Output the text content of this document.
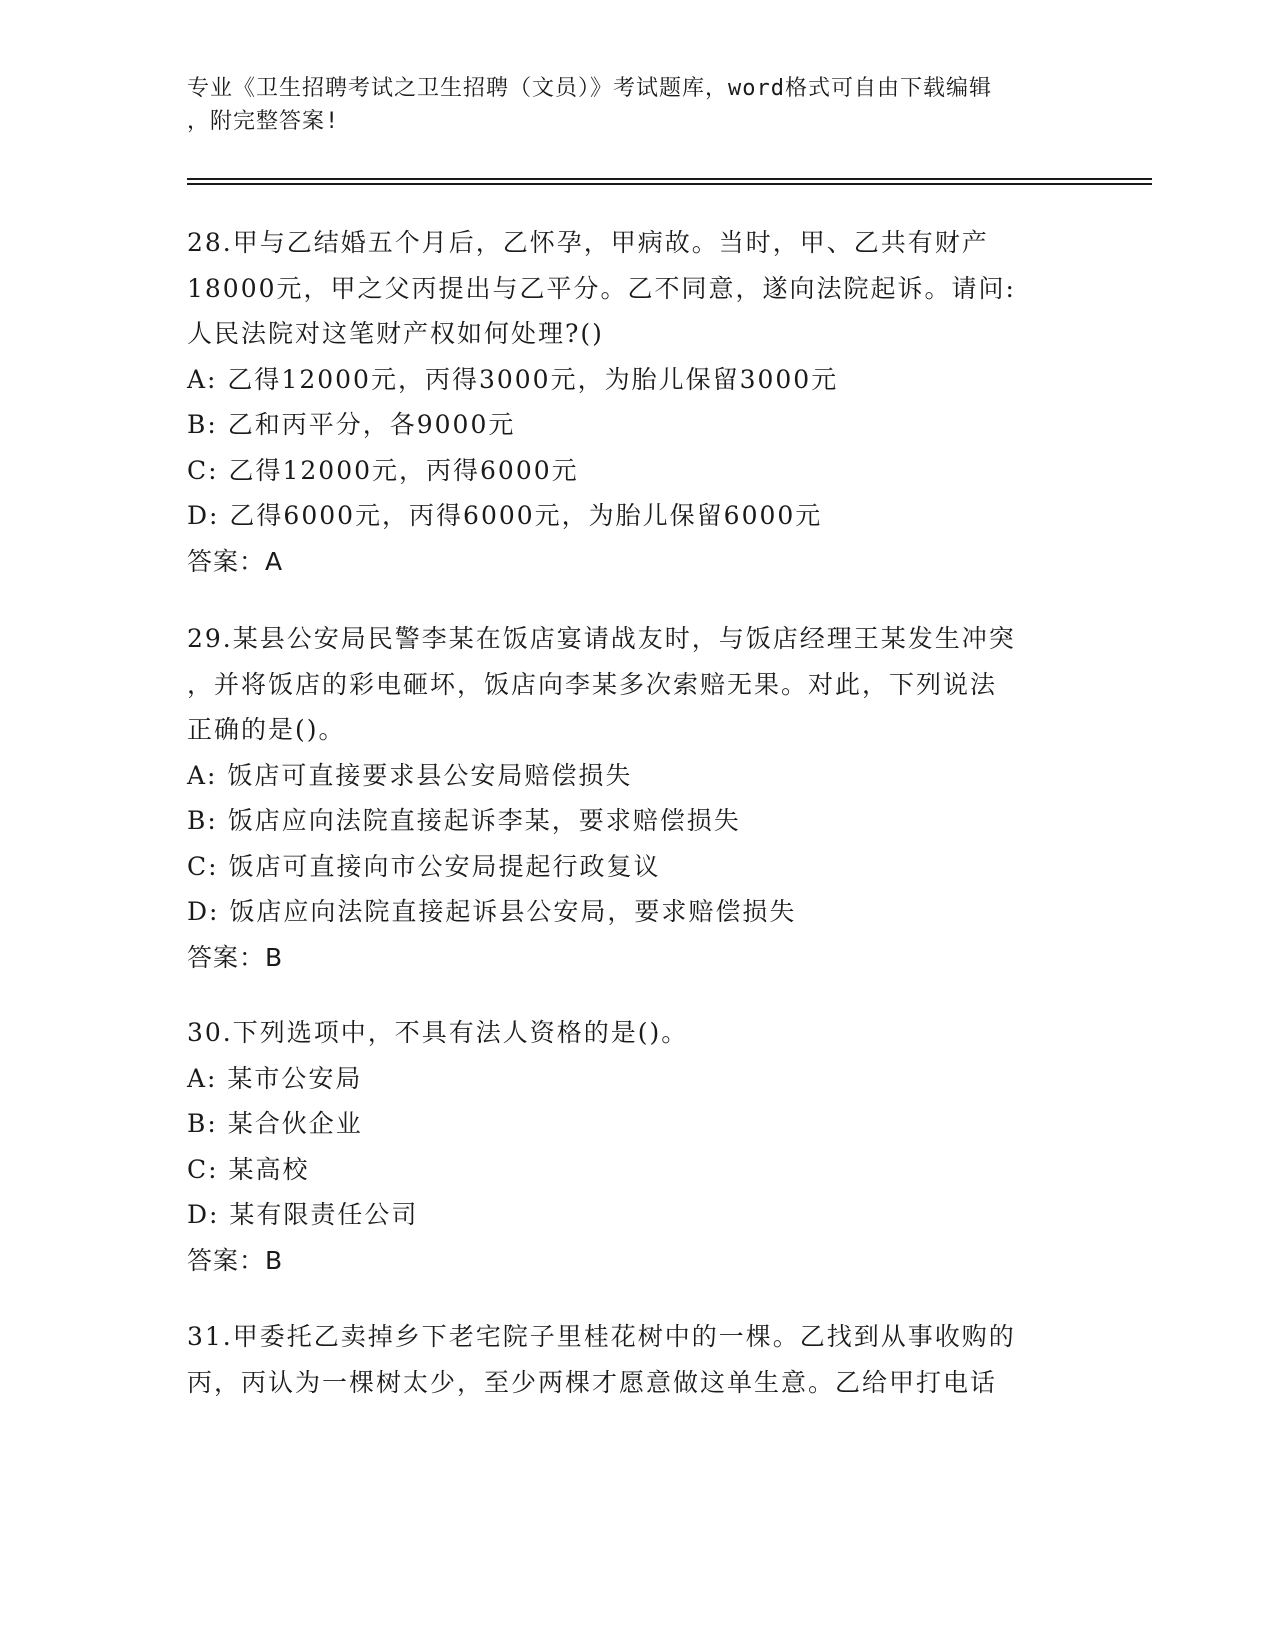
专业《卫生招聘考试之卫生招聘（文员）》考试题库，word格式可自由下载编辑
，附完整答案!

28.甲与乙结婚五个月后，乙怀孕，甲病故。当时，甲、乙共有财产
18000元，甲之父丙提出与乙平分。乙不同意，遂向法院起诉。请问:
人民法院对这笔财产权如何处理?()

A: 乙得12000元，丙得3000元，为胎儿保留3000元

B: 乙和丙平分，各9000元

C: 乙得12000元，丙得6000元

D: 乙得6000元，丙得6000元，为胎儿保留6000元

答案：A

29.某县公安局民警李某在饭店宴请战友时，与饭店经理王某发生冲突
，并将饭店的彩电砸坏，饭店向李某多次索赔无果。对此，下列说法
正确的是()。

A: 饭店可直接要求县公安局赔偿损失

B: 饭店应向法院直接起诉李某，要求赔偿损失

C: 饭店可直接向市公安局提起行政复议

D: 饭店应向法院直接起诉县公安局，要求赔偿损失

答案：B

30.下列选项中，不具有法人资格的是()。

A: 某市公安局

B: 某合伙企业

C: 某高校

D: 某有限责任公司

答案：B

31.甲委托乙卖掉乡下老宅院子里桂花树中的一棵。乙找到从事收购的
丙，丙认为一棵树太少，至少两棵才愿意做这单生意。乙给甲打电话
